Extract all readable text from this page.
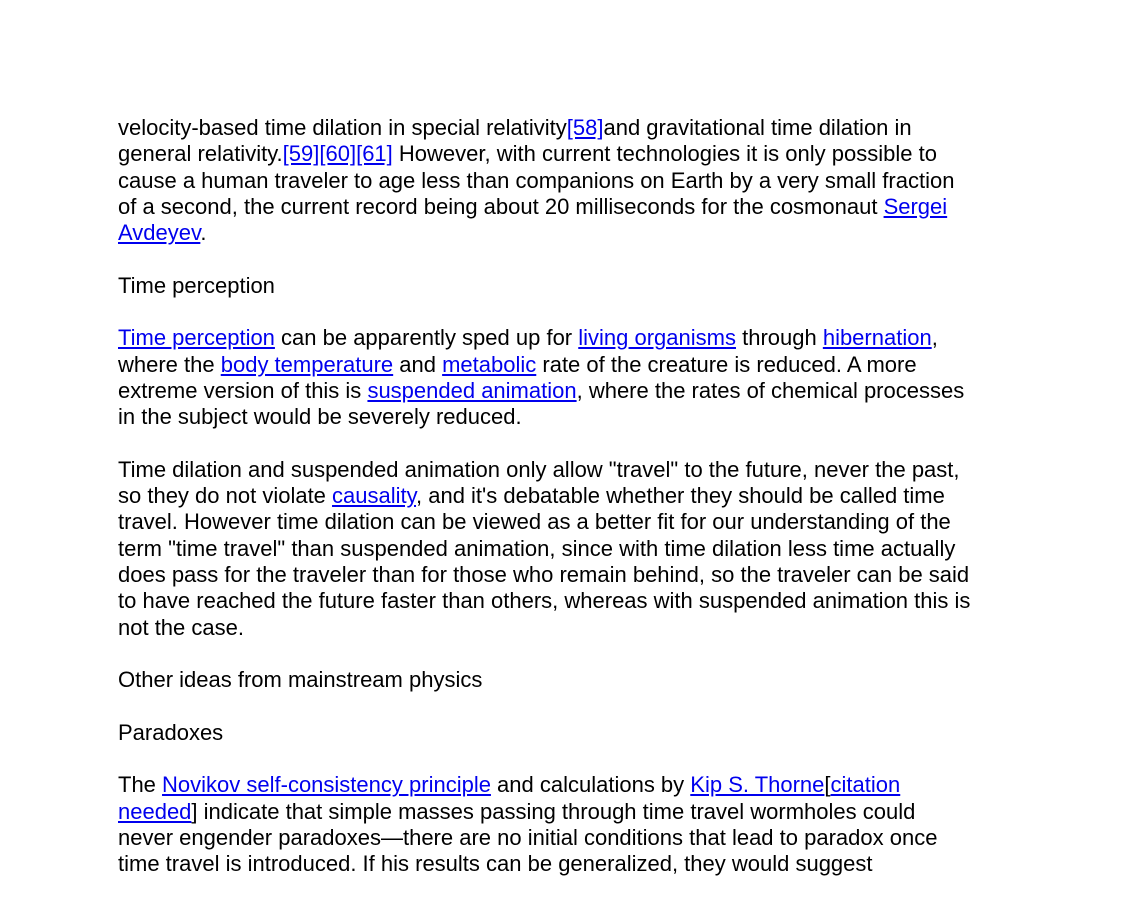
velocity-based time dilation in special relativity[58]and gravitational time dilation in
general relativity.[59][60][61] However, with current technologies it is only possible to
cause a human traveler to age less than companions on Earth by a very small fraction
of a second, the current record being about 20 milliseconds for the cosmonaut Sergei
Avdeyev.

Time perception

Time perception can be apparently sped up for living organisms through hibernation,
where the body temperature and metabolic rate of the creature is reduced. A more
extreme version of this is suspended animation, where the rates of chemical processes
in the subject would be severely reduced.

Time dilation and suspended animation only allow "travel" to the future, never the past,
so they do not violate causality, and it's debatable whether they should be called time
travel. However time dilation can be viewed as a better fit for our understanding of the
term "time travel" than suspended animation, since with time dilation less time actually
does pass for the traveler than for those who remain behind, so the traveler can be said
to have reached the future faster than others, whereas with suspended animation this is
not the case.

Other ideas from mainstream physics

Paradoxes

The Novikov self-consistency principle and calculations by Kip S. Thorne[citation
needed] indicate that simple masses passing through time travel wormholes could
never engender paradoxes—there are no initial conditions that lead to paradox once
time travel is introduced. If his results can be generalized, they would suggest
